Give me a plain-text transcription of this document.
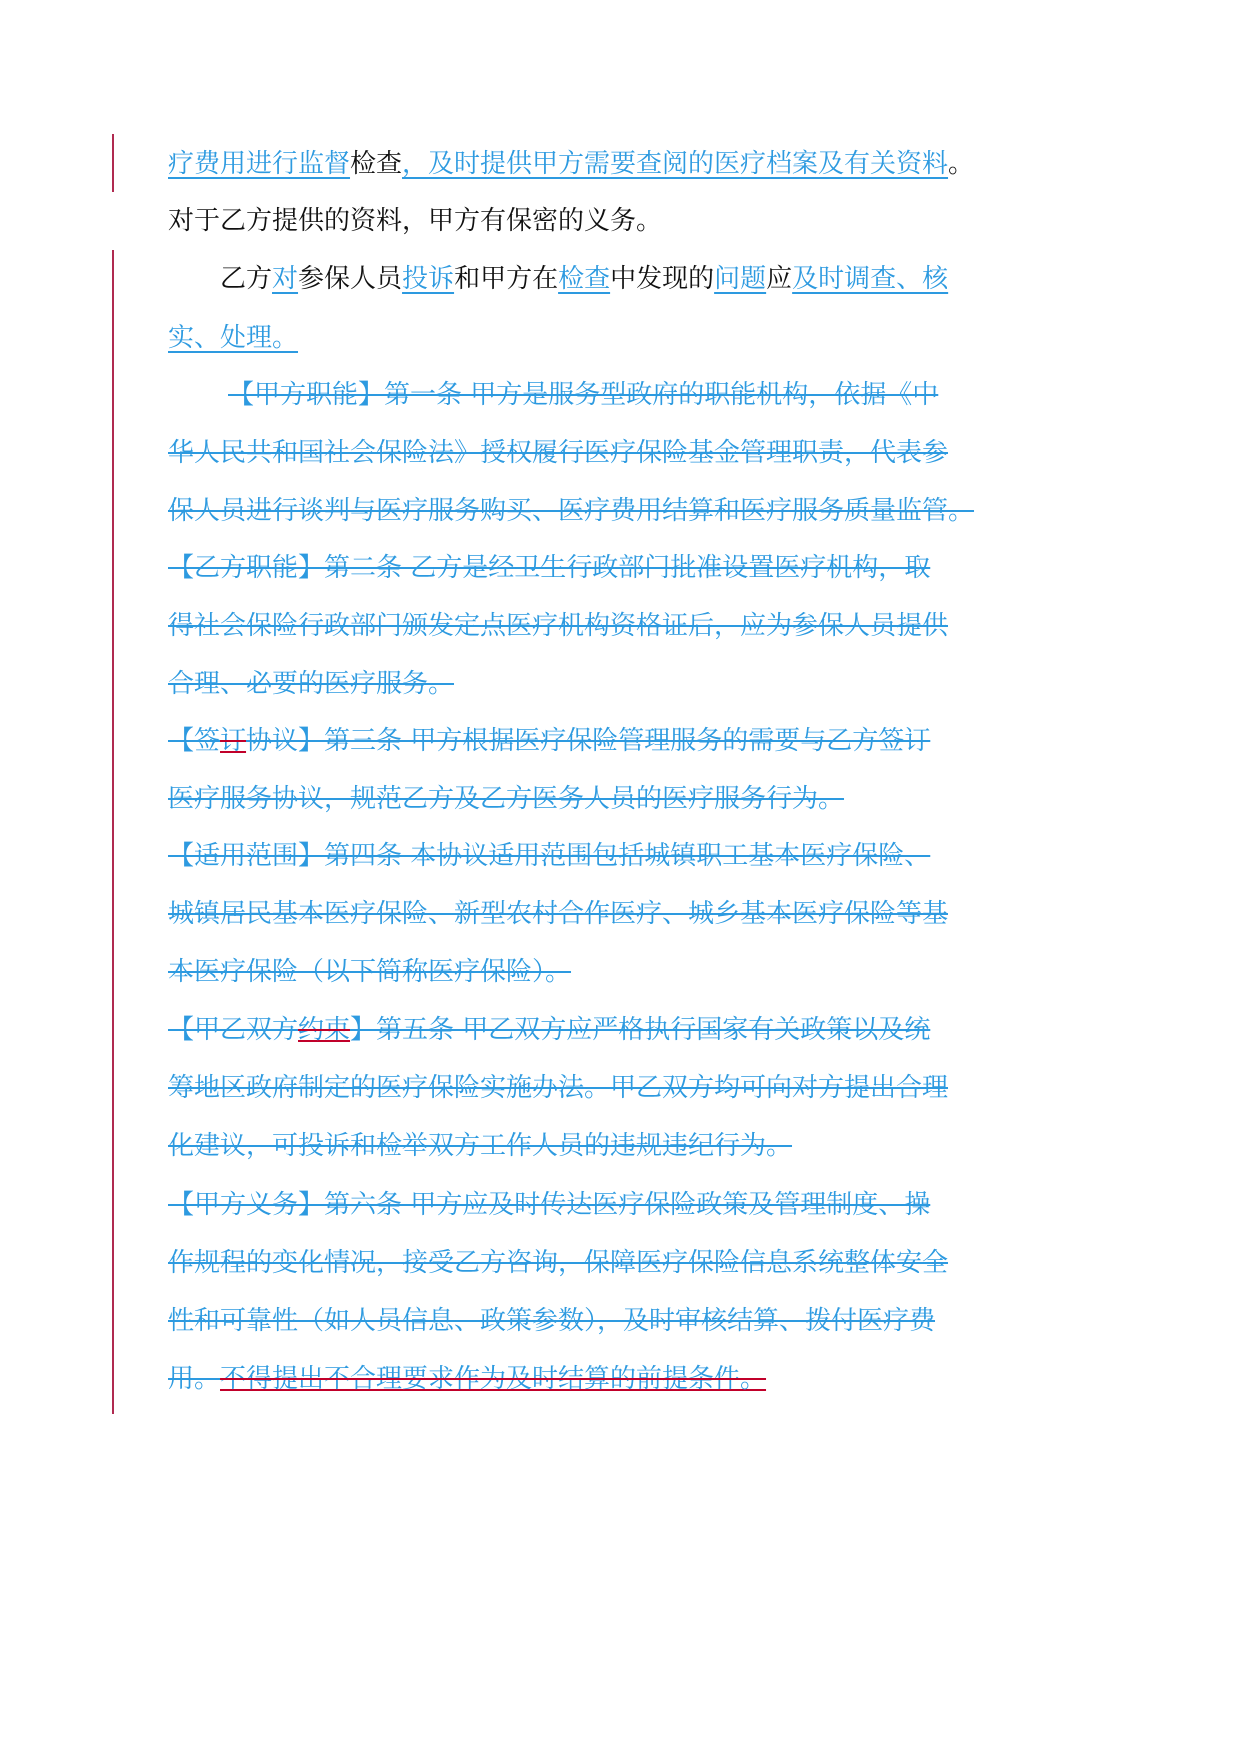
疗费用进行监督检查，及时提供甲方需要查阅的医疗档案及有关资料。
对于乙方提供的资料，甲方有保密的义务。
乙方对参保人员投诉和甲方在检查中发现的问题应及时调查、核
实、处理。
【甲方职能】第一条 甲方是服务型政府的职能机构，依据《中
华人民共和国社会保险法》授权履行医疗保险基金管理职责，代表参
保人员进行谈判与医疗服务购买、医疗费用结算和医疗服务质量监管。
【乙方职能】第二条 乙方是经卫生行政部门批准设置医疗机构，取
得社会保险行政部门颁发定点医疗机构资格证后，应为参保人员提供
合理、必要的医疗服务。
【签订协议】第三条 甲方根据医疗保险管理服务的需要与乙方签订
医疗服务协议，规范乙方及乙方医务人员的医疗服务行为。
【适用范围】第四条 本协议适用范围包括城镇职工基本医疗保险、
城镇居民基本医疗保险、新型农村合作医疗、城乡基本医疗保险等基
本医疗保险（以下简称医疗保险）。
【甲乙双方约束】第五条 甲乙双方应严格执行国家有关政策以及统
筹地区政府制定的医疗保险实施办法。甲乙双方均可向对方提出合理
化建议，可投诉和检举双方工作人员的违规违纪行为。
【甲方义务】第六条 甲方应及时传达医疗保险政策及管理制度、操
作规程的变化情况，接受乙方咨询，保障医疗保险信息系统整体安全
性和可靠性（如人员信息、政策参数），及时审核结算、拨付医疗费
用。不得提出不合理要求作为及时结算的前提条件。
